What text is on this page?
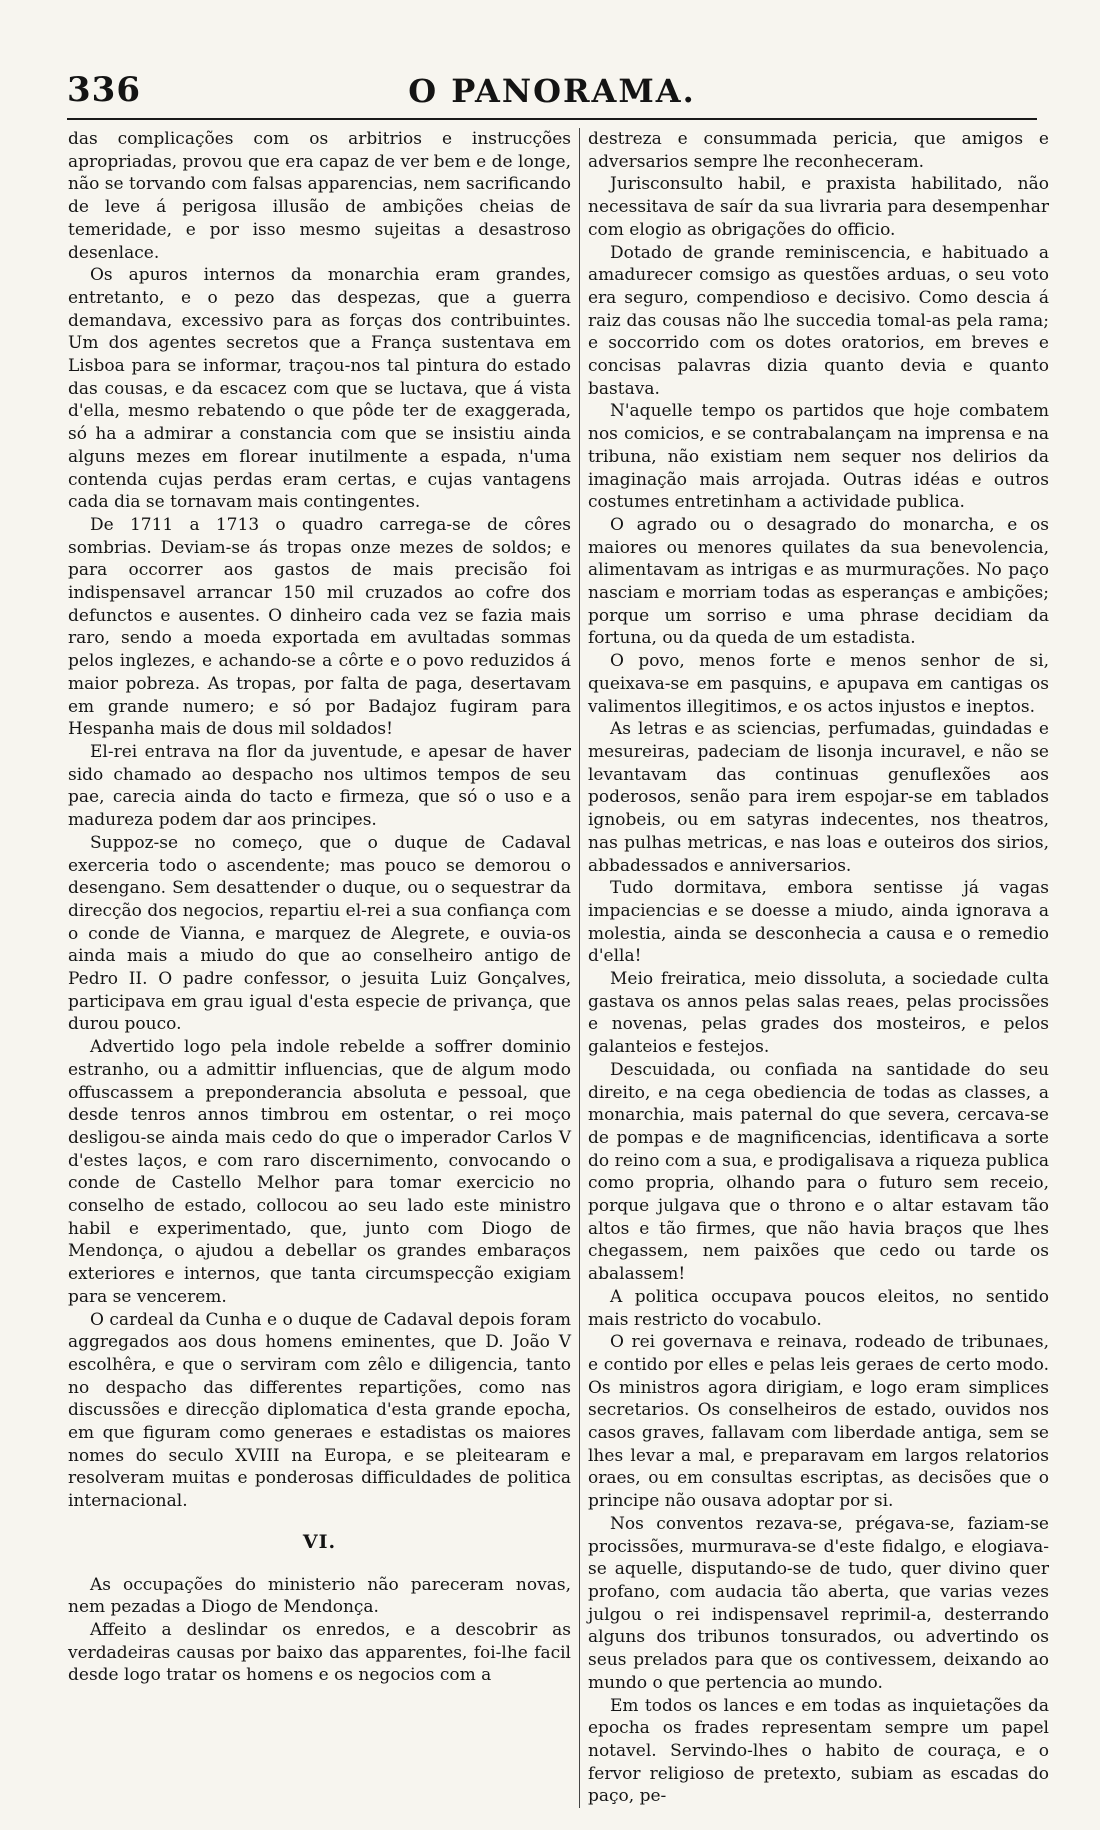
336	O PANORAMA.

das complicações com os arbitrios e instrucções apropriadas, provou que era capaz de ver bem e de longe, não se torvando com falsas apparencias, nem sacrificando de leve á perigosa illusão de ambições cheias de temeridade, e por isso mesmo sujeitas a desastroso desenlace.

Os apuros internos da monarchia eram grandes, entretanto, e o pezo das despezas, que a guerra demandava, excessivo para as forças dos contribuintes. Um dos agentes secretos que a França sustentava em Lisboa para se informar, traçou-nos tal pintura do estado das cousas, e da escacez com que se luctava, que á vista d'ella, mesmo rebatendo o que pôde ter de exaggerada, só ha a admirar a constancia com que se insistiu ainda alguns mezes em florear inutilmente a espada, n'uma contenda cujas perdas eram certas, e cujas vantagens cada dia se tornavam mais contingentes.

De 1711 a 1713 o quadro carrega-se de côres sombrias. Deviam-se ás tropas onze mezes de soldos; e para occorrer aos gastos de mais precisão foi indispensavel arrancar 150 mil cruzados ao cofre dos defunctos e ausentes. O dinheiro cada vez se fazia mais raro, sendo a moeda exportada em avultadas sommas pelos inglezes, e achando-se a côrte e o povo reduzidos á maior pobreza. As tropas, por falta de paga, desertavam em grande numero; e só por Badajoz fugiram para Hespanha mais de dous mil soldados!

El-rei entrava na flor da juventude, e apesar de haver sido chamado ao despacho nos ultimos tempos de seu pae, carecia ainda do tacto e firmeza, que só o uso e a madureza podem dar aos principes.

Suppoz-se no começo, que o duque de Cadaval exerceria todo o ascendente; mas pouco se demorou o desengano. Sem desattender o duque, ou o sequestrar da direcção dos negocios, repartiu el-rei a sua confiança com o conde de Vianna, e marquez de Alegrete, e ouvia-os ainda mais a miudo do que ao conselheiro antigo de Pedro II. O padre confessor, o jesuita Luiz Gonçalves, participava em grau igual d'esta especie de privança, que durou pouco.

Advertido logo pela indole rebelde a soffrer dominio estranho, ou a admittir influencias, que de algum modo offuscassem a preponderancia absoluta e pessoal, que desde tenros annos timbrou em ostentar, o rei moço desligou-se ainda mais cedo do que o imperador Carlos V d'estes laços, e com raro discernimento, convocando o conde de Castello Melhor para tomar exercicio no conselho de estado, collocou ao seu lado este ministro habil e experimentado, que, junto com Diogo de Mendonça, o ajudou a debellar os grandes embaraços exteriores e internos, que tanta circumspecção exigiam para se vencerem.

O cardeal da Cunha e o duque de Cadaval depois foram aggregados aos dous homens eminentes, que D. João V escolhêra, e que o serviram com zêlo e diligencia, tanto no despacho das differentes repartições, como nas discussões e direcção diplomatica d'esta grande epocha, em que figuram como generaes e estadistas os maiores nomes do seculo XVIII na Europa, e se pleitearam e resolveram muitas e ponderosas difficuldades de politica internacional.

VI.

As occupações do ministerio não pareceram novas, nem pezadas a Diogo de Mendonça.

Affeito a deslindar os enredos, e a descobrir as verdadeiras causas por baixo das apparentes, foi-lhe facil desde logo tratar os homens e os negocios com a

destreza e consummada pericia, que amigos e adversarios sempre lhe reconheceram.

Jurisconsulto habil, e praxista habilitado, não necessitava de saír da sua livraria para desempenhar com elogio as obrigações do officio.

Dotado de grande reminiscencia, e habituado a amadurecer comsigo as questões arduas, o seu voto era seguro, compendioso e decisivo. Como descia á raiz das cousas não lhe succedia tomal-as pela rama; e soccorrido com os dotes oratorios, em breves e concisas palavras dizia quanto devia e quanto bastava.

N'aquelle tempo os partidos que hoje combatem nos comicios, e se contrabalançam na imprensa e na tribuna, não existiam nem sequer nos delirios da imaginação mais arrojada. Outras idéas e outros costumes entretinham a actividade publica.

O agrado ou o desagrado do monarcha, e os maiores ou menores quilates da sua benevolencia, alimentavam as intrigas e as murmurações. No paço nasciam e morriam todas as esperanças e ambições; porque um sorriso e uma phrase decidiam da fortuna, ou da queda de um estadista.

O povo, menos forte e menos senhor de si, queixava-se em pasquins, e apupava em cantigas os valimentos illegitimos, e os actos injustos e ineptos.

As letras e as sciencias, perfumadas, guindadas e mesureiras, padeciam de lisonja incuravel, e não se levantavam das continuas genuflexões aos poderosos, senão para irem espojar-se em tablados ignobeis, ou em satyras indecentes, nos theatros, nas pulhas metricas, e nas loas e outeiros dos sirios, abbadessados e anniversarios.

Tudo dormitava, embora sentisse já vagas impaciencias e se doesse a miudo, ainda ignorava a molestia, ainda se desconhecia a causa e o remedio d'ella!

Meio freiratica, meio dissoluta, a sociedade culta gastava os annos pelas salas reaes, pelas procissões e novenas, pelas grades dos mosteiros, e pelos galanteios e festejos.

Descuidada, ou confiada na santidade do seu direito, e na cega obediencia de todas as classes, a monarchia, mais paternal do que severa, cercava-se de pompas e de magnificencias, identificava a sorte do reino com a sua, e prodigalisava a riqueza publica como propria, olhando para o futuro sem receio, porque julgava que o throno e o altar estavam tão altos e tão firmes, que não havia braços que lhes chegassem, nem paixões que cedo ou tarde os abalassem!

A politica occupava poucos eleitos, no sentido mais restricto do vocabulo.

O rei governava e reinava, rodeado de tribunaes, e contido por elles e pelas leis geraes de certo modo. Os ministros agora dirigiam, e logo eram simplices secretarios. Os conselheiros de estado, ouvidos nos casos graves, fallavam com liberdade antiga, sem se lhes levar a mal, e preparavam em largos relatorios oraes, ou em consultas escriptas, as decisões que o principe não ousava adoptar por si.

Nos conventos rezava-se, prégava-se, faziam-se procissões, murmurava-se d'este fidalgo, e elogiava-se aquelle, disputando-se de tudo, quer divino quer profano, com audacia tão aberta, que varias vezes julgou o rei indispensavel reprimil-a, desterrando alguns dos tribunos tonsurados, ou advertindo os seus prelados para que os contivessem, deixando ao mundo o que pertencia ao mundo.

Em todos os lances e em todas as inquietações da epocha os frades representam sempre um papel notavel. Servindo-lhes o habito de couraça, e o fervor religioso de pretexto, subiam as escadas do paço, pe-
